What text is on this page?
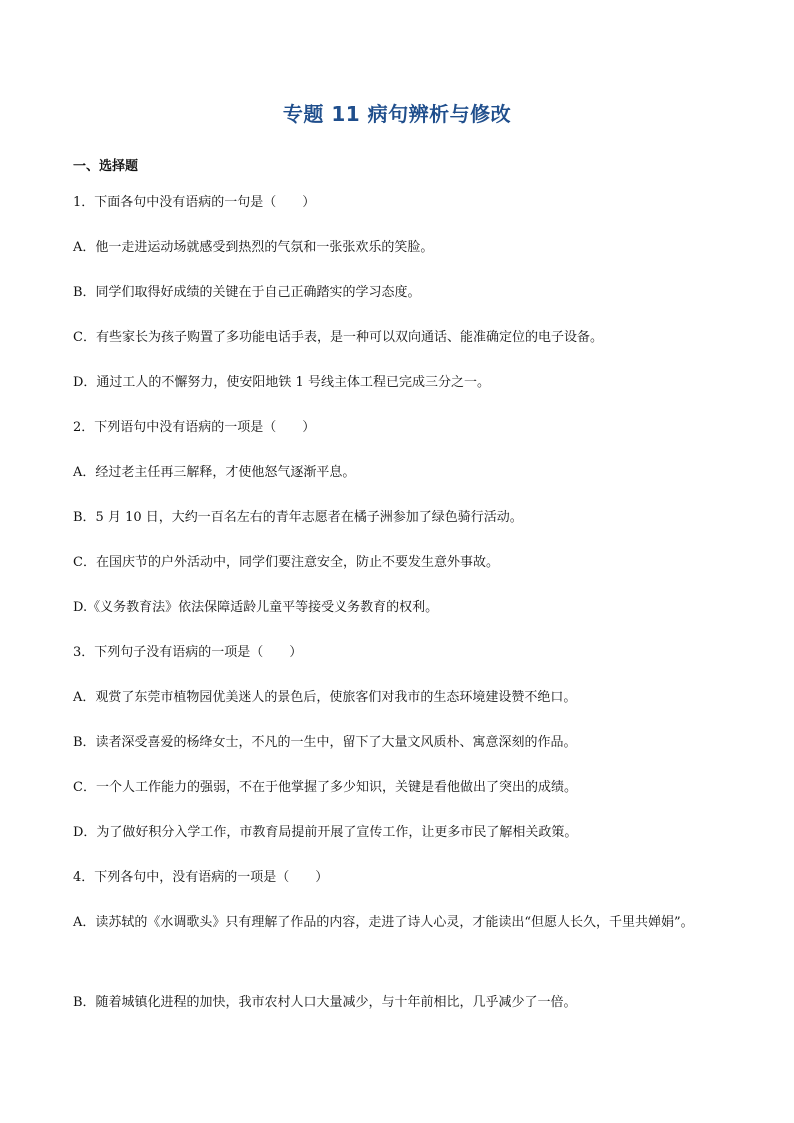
专题 11 病句辨析与修改
一、选择题
1．下面各句中没有语病的一句是（　　）
A．他一走进运动场就感受到热烈的气氛和一张张欢乐的笑脸。
B．同学们取得好成绩的关键在于自己正确踏实的学习态度。
C．有些家长为孩子购置了多功能电话手表，是一种可以双向通话、能准确定位的电子设备。
D．通过工人的不懈努力，使安阳地铁 1 号线主体工程已完成三分之一。
2．下列语句中没有语病的一项是（　　）
A．经过老主任再三解释，才使他怒气逐渐平息。
B．5 月 10 日，大约一百名左右的青年志愿者在橘子洲参加了绿色骑行活动。
C．在国庆节的户外活动中，同学们要注意安全，防止不要发生意外事故。
D.《义务教育法》依法保障适龄儿童平等接受义务教育的权利。
3．下列句子没有语病的一项是（　　）
A．观赏了东莞市植物园优美迷人的景色后，使旅客们对我市的生态环境建设赞不绝口。
B．读者深受喜爱的杨绛女士，不凡的一生中，留下了大量文风质朴、寓意深刻的作品。
C．一个人工作能力的强弱，不在于他掌握了多少知识，关键是看他做出了突出的成绩。
D．为了做好积分入学工作，市教育局提前开展了宣传工作，让更多市民了解相关政策。
4．下列各句中，没有语病的一项是（　　）
A．读苏轼的《水调歌头》只有理解了作品的内容，走进了诗人心灵，才能读出“但愿人长久，千里共婵娟”。
B．随着城镇化进程的加快，我市农村人口大量减少，与十年前相比，几乎减少了一倍。
